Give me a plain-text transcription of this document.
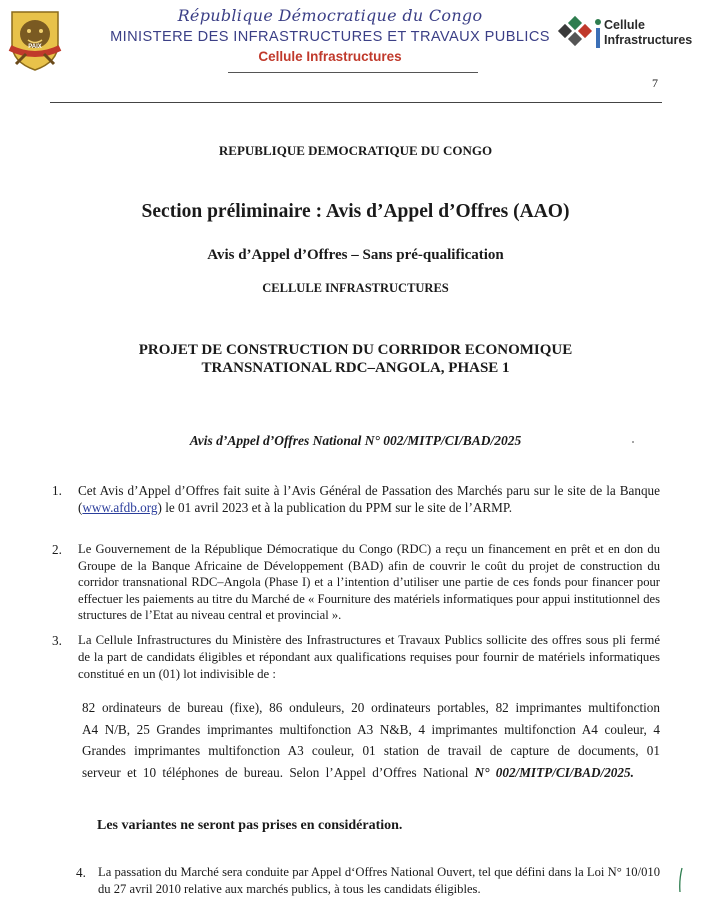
PAIX
République Démocratique du Congo
MINISTERE DES INFRASTRUCTURES ET TRAVAUX PUBLICS
Cellule Infrastructures
Cellule
Infrastructures
7
REPUBLIQUE DEMOCRATIQUE DU CONGO
Section préliminaire : Avis d’Appel d’Offres (AAO)
Avis d’Appel d’Offres – Sans pré-qualification
CELLULE INFRASTRUCTURES
PROJET DE CONSTRUCTION DU CORRIDOR ECONOMIQUE
TRANSNATIONAL RDC–ANGOLA, PHASE 1
Avis d’Appel d’Offres National N° 002/MITP/CI/BAD/2025
1. Cet Avis d’Appel d’Offres fait suite à l’Avis Général de Passation des Marchés paru sur le site de la Banque (www.afdb.org) le 01 avril 2023 et à la publication du PPM sur le site de l’ARMP.
2. Le Gouvernement de la République Démocratique du Congo (RDC) a reçu un financement en prêt et en don du Groupe de la Banque Africaine de Développement (BAD) afin de couvrir le coût du projet de construction du corridor transnational RDC–Angola (Phase I) et a l’intention d’utiliser une partie de ces fonds pour financer pour effectuer les paiements au titre du Marché de « Fourniture des matériels informatiques pour appui institutionnel des structures de l’Etat au niveau central et provincial ».
3. La Cellule Infrastructures du Ministère des Infrastructures et Travaux Publics sollicite des offres sous pli fermé de la part de candidats éligibles et répondant aux qualifications requises pour fournir de matériels informatiques constitué en un (01) lot indivisible de :
82 ordinateurs de bureau (fixe), 86 onduleurs, 20 ordinateurs portables, 82 imprimantes multifonction A4 N/B, 25 Grandes imprimantes multifonction A3 N&B, 4 imprimantes multifonction A4 couleur, 4 Grandes imprimantes multifonction A3 couleur, 01 station de travail de capture de documents, 01 serveur et 10 téléphones de bureau. Selon l’Appel d’Offres National N° 002/MITP/CI/BAD/2025.
Les variantes ne seront pas prises en considération.
4. La passation du Marché sera conduite par Appel d‘Offres National Ouvert, tel que défini dans la Loi N° 10/010 du 27 avril 2010 relative aux marchés publics, à tous les candidats éligibles.
